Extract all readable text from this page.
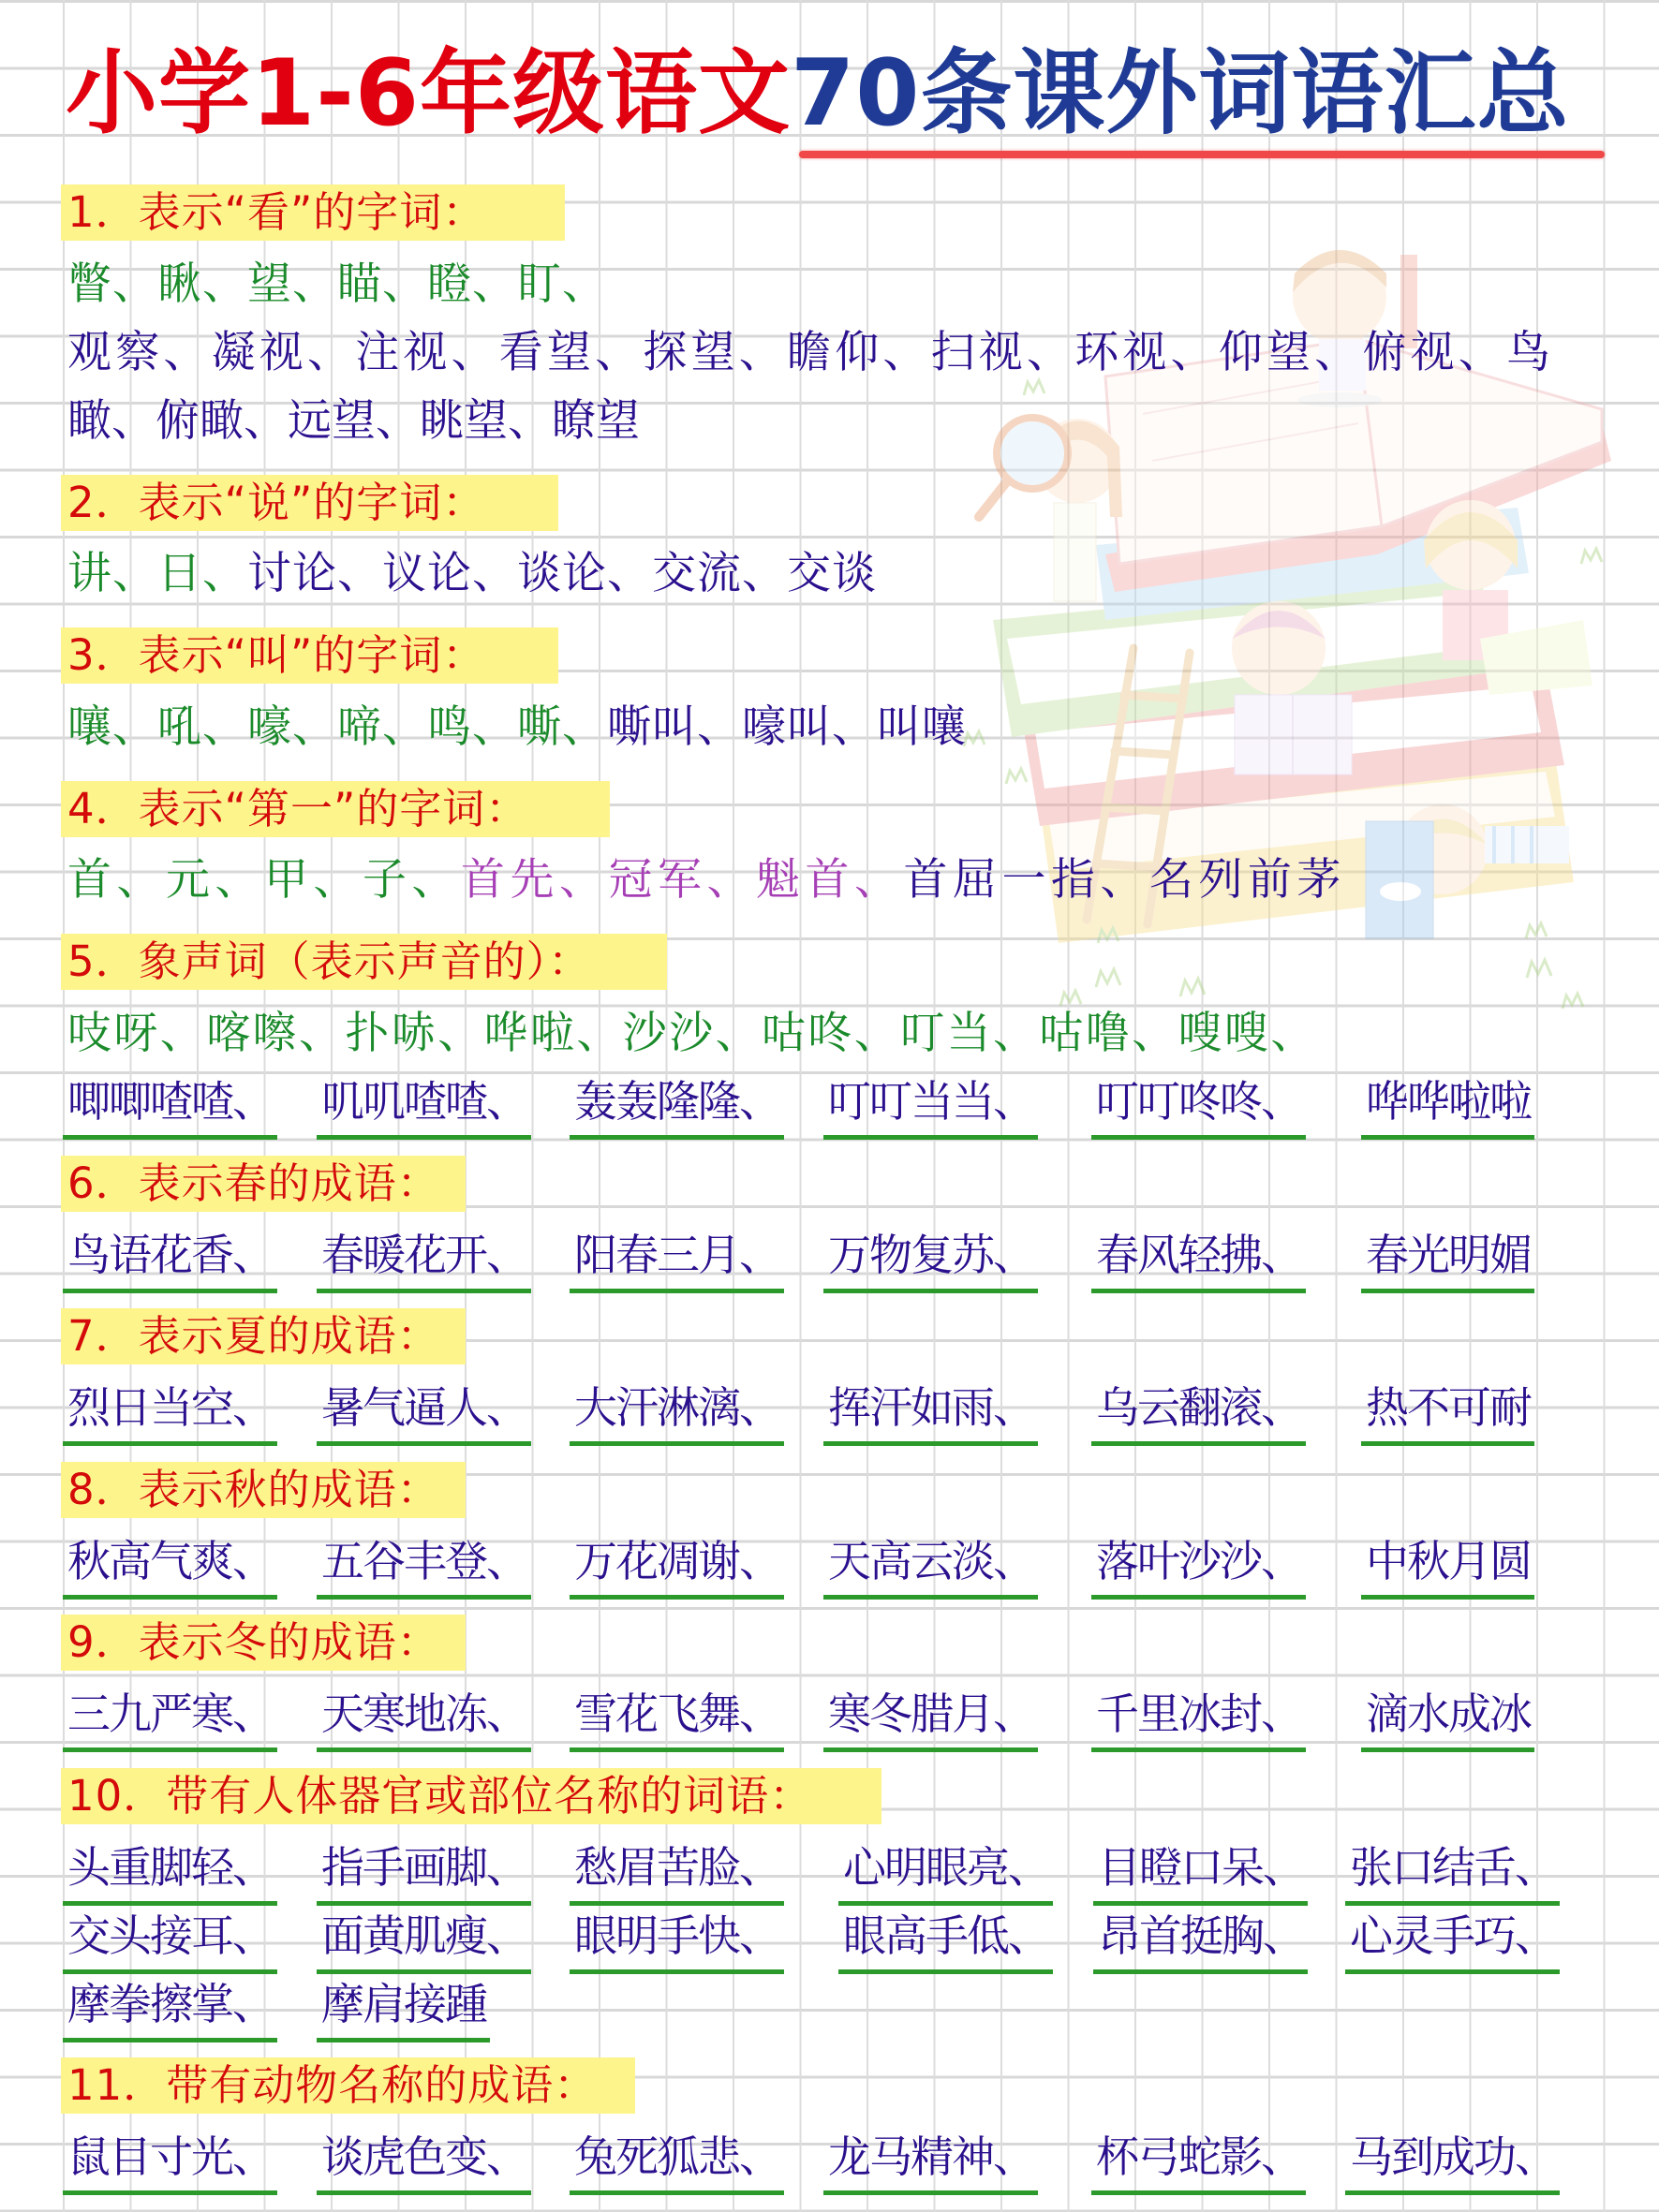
小学1-6年级语文70条课外词语汇总
1．表示“看”的字词：
瞥、瞅、望、瞄、瞪、盯、
观察、凝视、注视、看望、探望、瞻仰、扫视、环视、仰望、俯视、鸟
瞰、俯瞰、远望、眺望、瞭望
2．表示“说”的字词：
讲、日、讨论、议论、谈论、交流、交谈
3．表示“叫”的字词：
嚷、吼、嚎、啼、鸣、嘶、嘶叫、嚎叫、叫嚷
4．表示“第一”的字词：
首、元、甲、子、首先、冠军、魁首、首屈一指、名列前茅
5．象声词（表示声音的）：
吱呀、喀嚓、扑哧、哗啦、沙沙、咕咚、叮当、咕噜、嗖嗖、
唧唧喳喳、 叽叽喳喳、 轰轰隆隆、 叮叮当当、 叮叮咚咚、 哗哗啦啦
6．表示春的成语：
鸟语花香、 春暖花开、 阳春三月、 万物复苏、 春风轻拂、 春光明媚
7．表示夏的成语：
烈日当空、 暑气逼人、 大汗淋漓、 挥汗如雨、 乌云翻滚、 热不可耐
8．表示秋的成语：
秋高气爽、 五谷丰登、 万花凋谢、 天高云淡、 落叶沙沙、 中秋月圆
9．表示冬的成语：
三九严寒、 天寒地冻、 雪花飞舞、 寒冬腊月、 千里冰封、 滴水成冰
10．带有人体器官或部位名称的词语：
头重脚轻、 指手画脚、 愁眉苦脸、 心明眼亮、 目瞪口呆、 张口结舌、
交头接耳、 面黄肌瘦、 眼明手快、 眼高手低、 昂首挺胸、 心灵手巧、
摩拳擦掌、 摩肩接踵
11．带有动物名称的成语：
鼠目寸光、 谈虎色变、 兔死狐悲、 龙马精神、 杯弓蛇影、 马到成功、
